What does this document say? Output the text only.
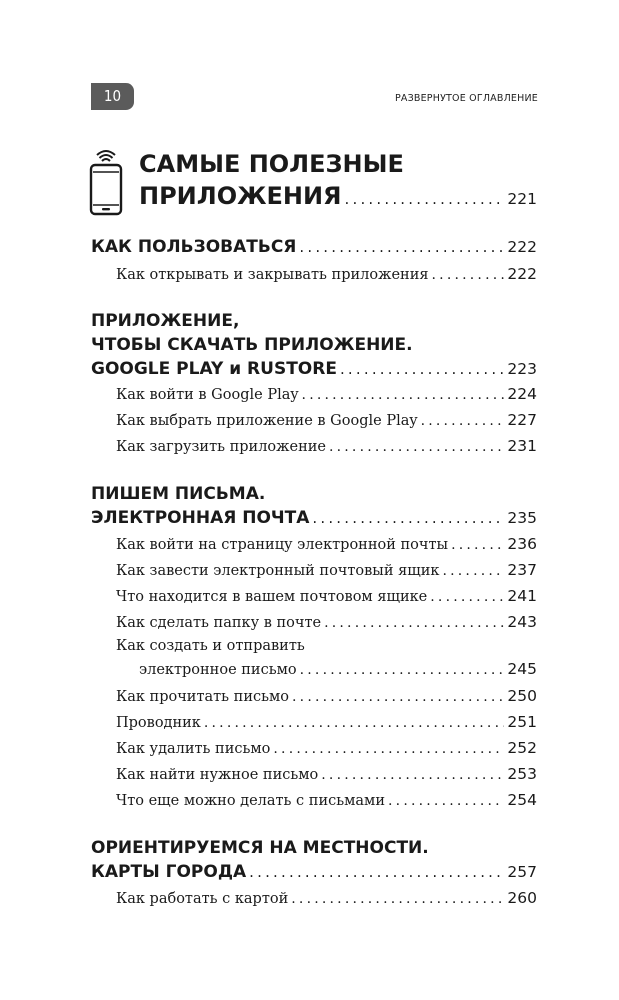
10	РАЗВЕРНУТОЕ ОГЛАВЛЕНИЕ
САМЫЕ ПОЛЕЗНЫЕ
ПРИЛОЖЕНИЯ .....	221
КАК ПОЛЬЗОВАТЬСЯ .....	222
Как открывать и закрывать приложения .....	222
ПРИЛОЖЕНИЕ,
ЧТОБЫ СКАЧАТЬ ПРИЛОЖЕНИЕ.
GOOGLE PLAY и RUSTORE .....	223
Как войти в Google Play .....	224
Как выбрать приложение в Google Play .....	227
Как загрузить приложение .....	231
ПИШЕМ ПИСЬМА.
ЭЛЕКТРОННАЯ ПОЧТА .....	235
Как войти на страницу электронной почты .....	236
Как завести электронный почтовый ящик .....	237
Что находится в вашем почтовом ящике .....	241
Как сделать папку в почте .....	243
Как создать и отправить
электронное письмо .....	245
Как прочитать письмо .....	250
Проводник .....	251
Как удалить письмо .....	252
Как найти нужное письмо .....	253
Что еще можно делать с письмами .....	254
ОРИЕНТИРУЕМСЯ НА МЕСТНОСТИ.
КАРТЫ ГОРОДА .....	257
Как работать с картой .....	260
